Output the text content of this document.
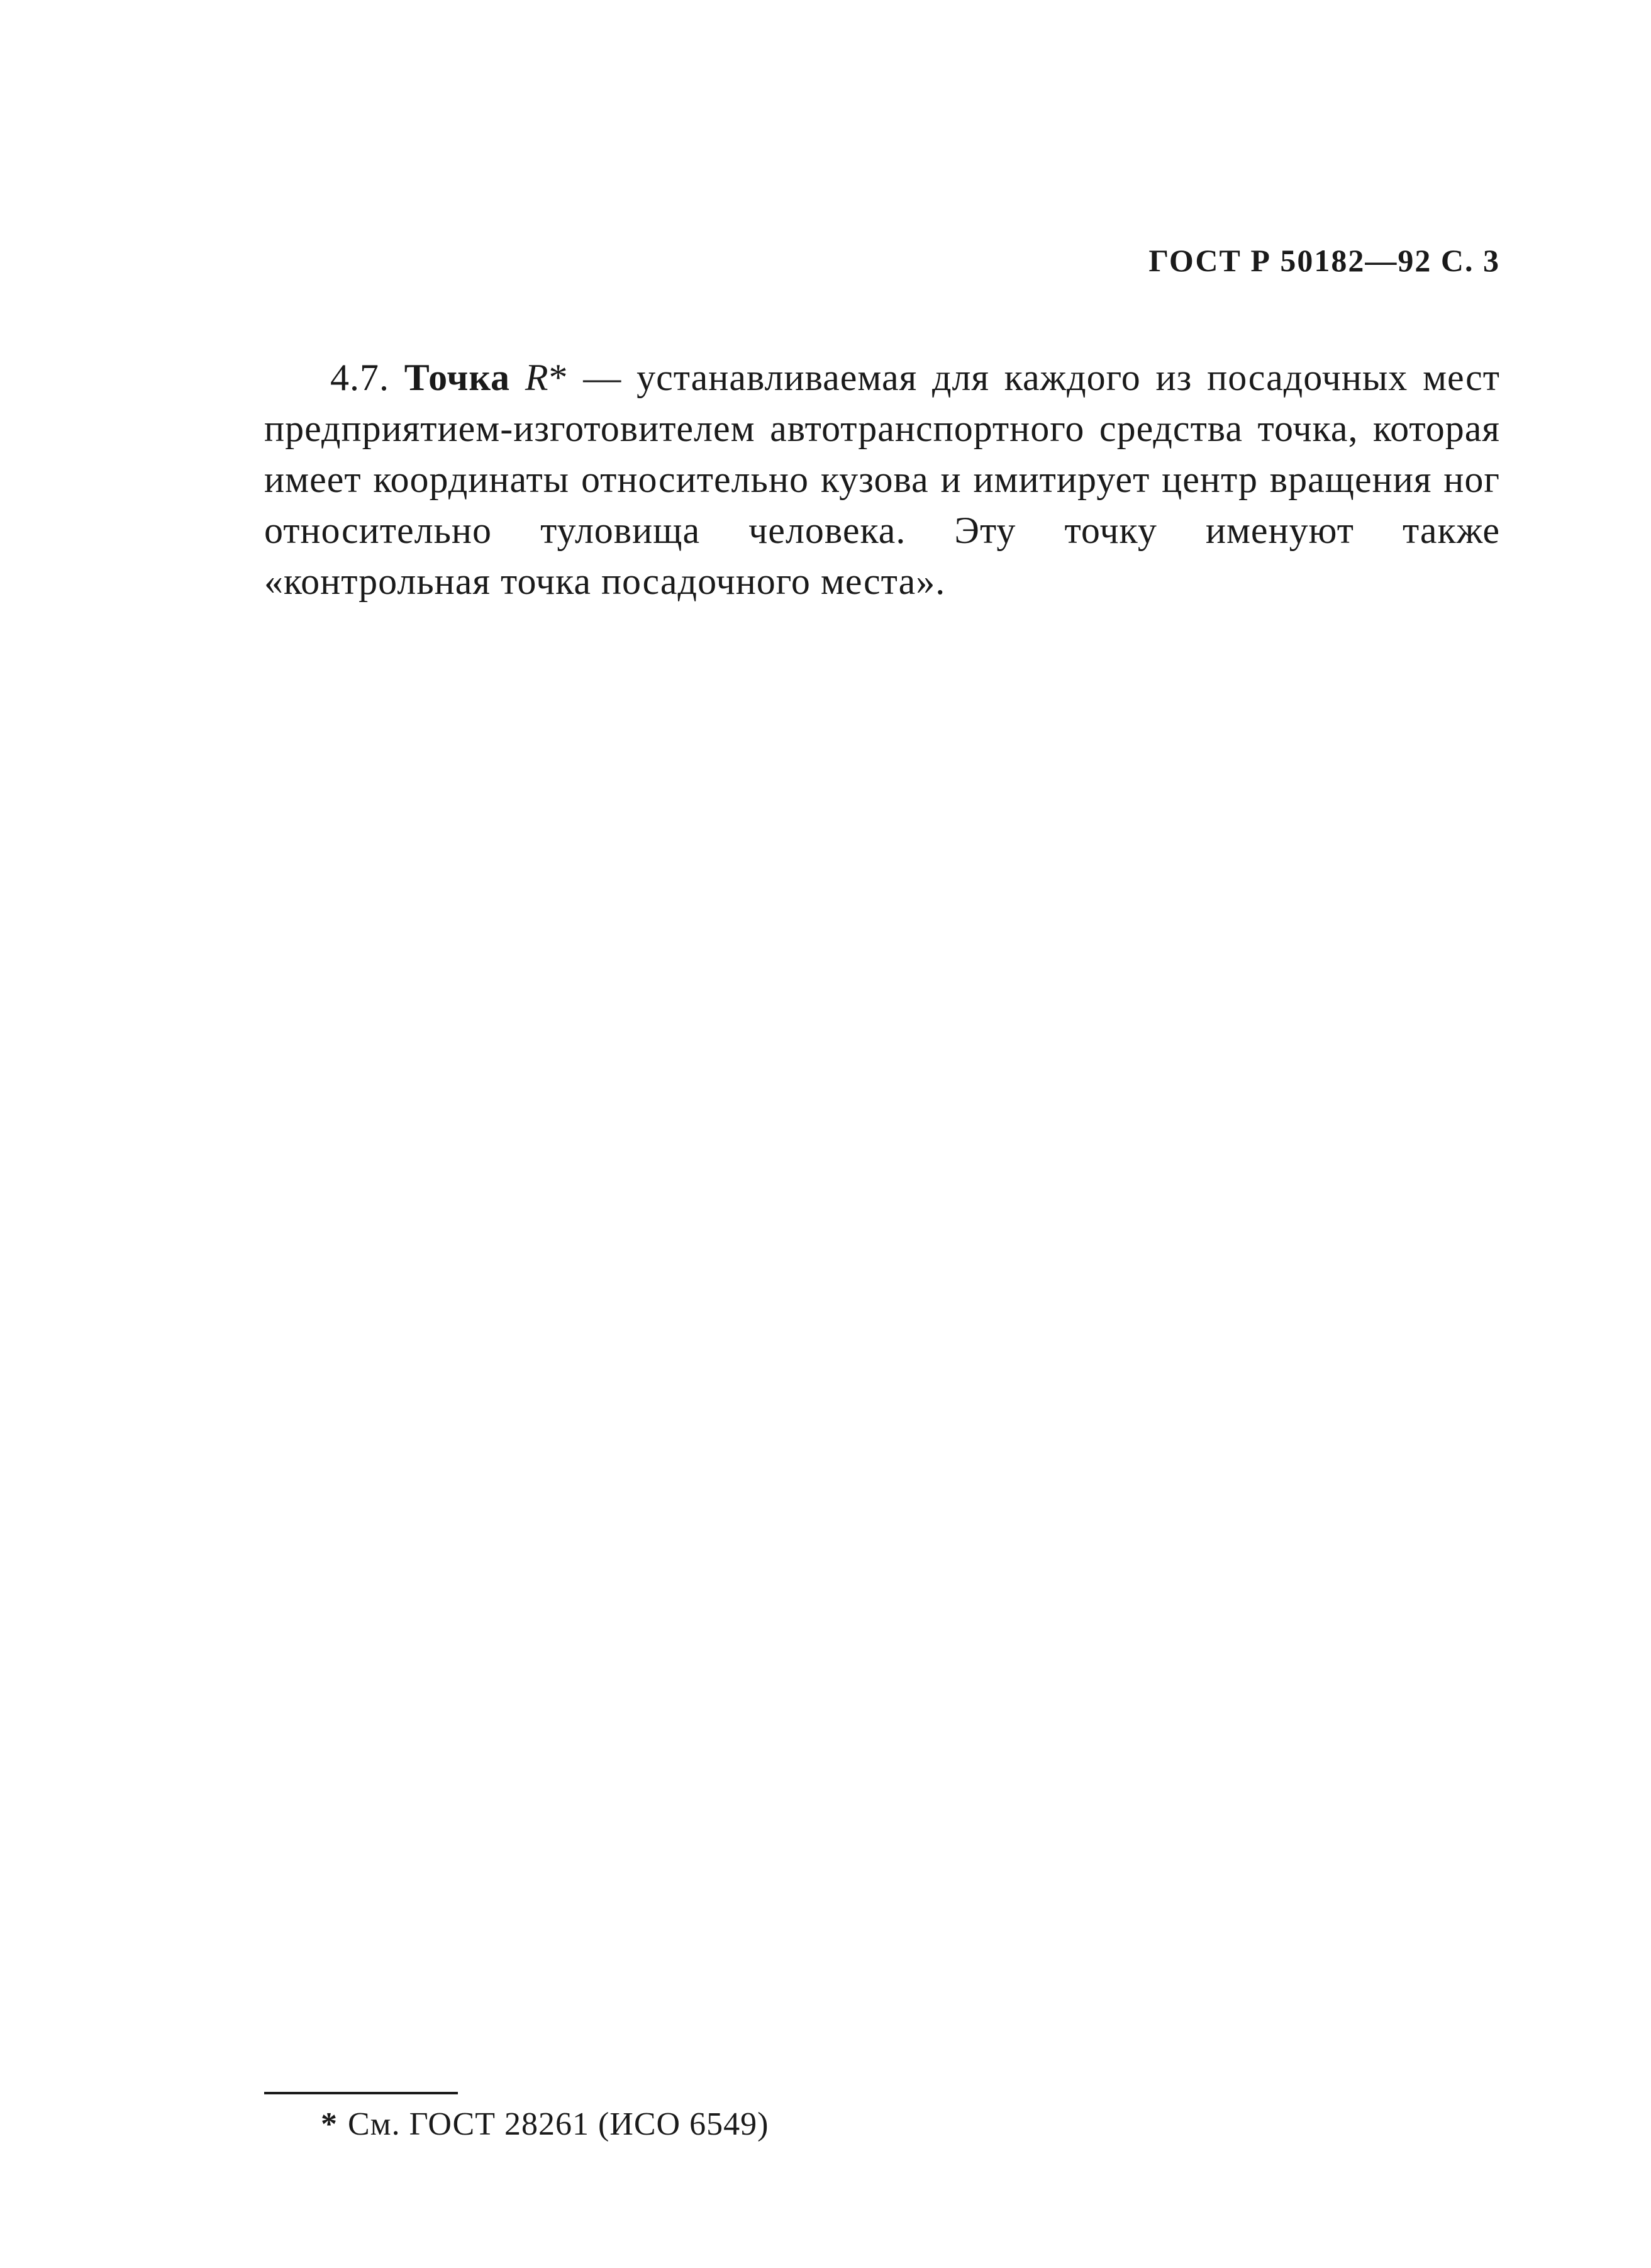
ГОСТ Р 50182—92 С. 3

4.7. Точка R* — устанавливаемая для каждого из посадочных мест предприятием-изготовителем автотранспортного средства точка, которая имеет координаты относительно кузова и имитирует центр вращения ног относительно туловища человека. Эту точку именуют также «контрольная точка посадочного места».

* См. ГОСТ 28261 (ИСО 6549)
